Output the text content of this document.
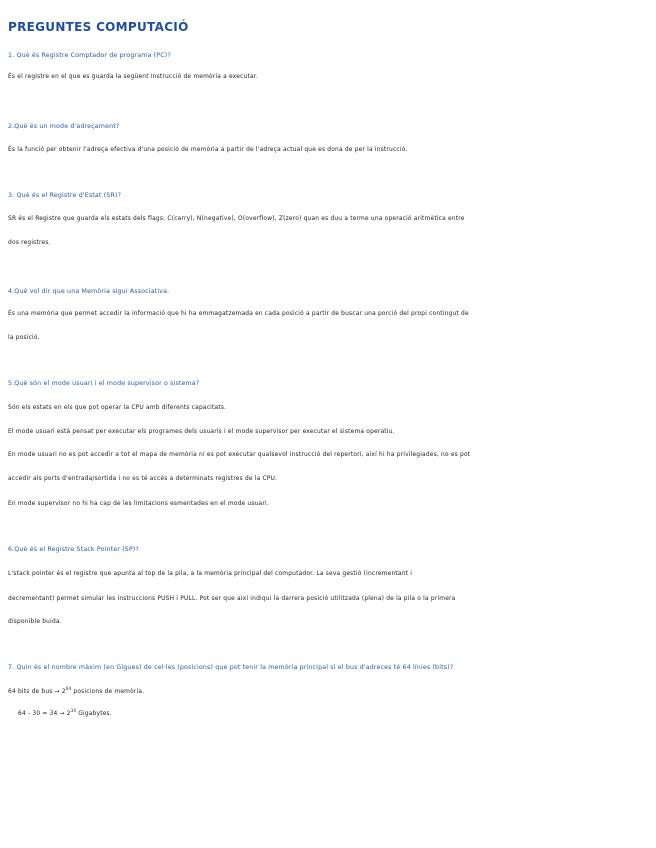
PREGUNTES COMPUTACIÓ
1. Què és Registre Comptador de programa (PC)?
És el registre en el que es guarda la següent instrucció de memòria a executar.
2.Què és un mode d'adreçament?
És la funció per obtenir l'adreça efectiva d'una posició de memòria a partir de l'adreça actual que es dona de per la instrucció.
3. Què és el Registre d'Estat (SR)?
SR és el Registre que guarda els estats dels flags: C(carry), N(negative), O(overflow), Z(zero) quan es duu a terme una operació aritmètica entre
dos registres.
4.Què vol dir que una Memòria sigui Associativa.
És una memòria que permet accedir la informació que hi ha emmagatzemada en cada posició a partir de buscar una porció del propi contingut de
la posició.
5.Què són el mode usuari i el mode supervisor o sistema?
Són els estats en els que pot operar la CPU amb diferents capacitats.
El mode usuari està pensat per executar els programes dels usuaris i el mode supervisor per executar el sistema operatiu.
En mode usuari no es pot accedir a tot el mapa de memòria ni es pot executar qualsevol instrucció del repertori, així hi ha privilegiades, no es pot
accedir als ports d'entrada/sortida i no es té accés a determinats registres de la CPU.
En mode supervisor no hi ha cap de les limitacions esmentades en el mode usuari.
6.Què és el Registre Stack Pointer (SP)?
L'stack pointer és el registre que apunta al top de la pila, a la memòria principal del computador. La seva gestió (incrementant i
decrementant) permet simular les instruccions PUSH i PULL. Pot ser que així indiqui la darrera posició utilitzada (plena) de la pila o la primera
disponible buida.
7. Quin és el nombre màxim (en Gigues) de cel·les (posicions) que pot tenir la memòria principal si el bus d'adreces té 64 línies (bits)?
64 bits de bus → $2^{64}$ posicions de memòria.
$64 - 30 = 34 \to 2^{34}$ Gigabytes.
